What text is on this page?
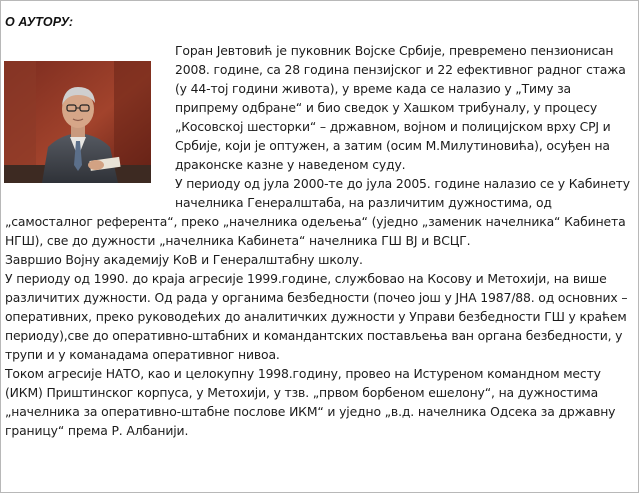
О АУТОРУ:
Горан Јевтовић је пуковник Војске Србије, превремено пензионисан
2008. године, са 28 година пензијског и 22 ефективног радног стажа
(у 44-тој години живота), у време када се налазио у „Тиму за
припрему одбране“ и био сведок у Хашком трибуналу, у процесу
„Косовској шесторки“ – државном, војном и полицијском врху СРЈ и
Србије, који је оптужен, а затим (осим М.Милутиновића), осуђен на
драконске казне у наведеном суду.
У периоду од јула 2000-те до јула 2005. године налазио се у Кабинету
начелника Генералштаба, на различитим дужностима, од
„самосталног референта“, преко „начелника одељења“ (уједно „заменик начелника“ Кабинета
НГШ), све до дужности „начелника Кабинета“ начелника ГШ ВЈ и ВСЦГ.
Завршио Војну академију КоВ и Генералштабну школу.
У периоду од 1990. до краја агресије 1999.године, службовао на Косову и Метохији, на више
различитих дужности. Од рада у органима безбедности (почео још у ЈНА 1987/88. од основних –
оперативних, преко руководећих до аналитичких дужности у Управи безбедности ГШ у краћем
периоду),све до оперативно-штабних и командантских постављења ван органа безбедности, у
трупи и у команадама оперативног нивоа.
Током агресије НАТО, као и целокупну 1998.годину, провео на Истуреном командном месту
(ИКМ) Приштинског корпуса, у Метохији, у тзв. „првом борбеном ешелону“, на дужностима
„начелника за оперативно-штабне послове ИКМ“ и уједно „в.д. начелника Одсека за државну
границу“ према Р. Албанији.
